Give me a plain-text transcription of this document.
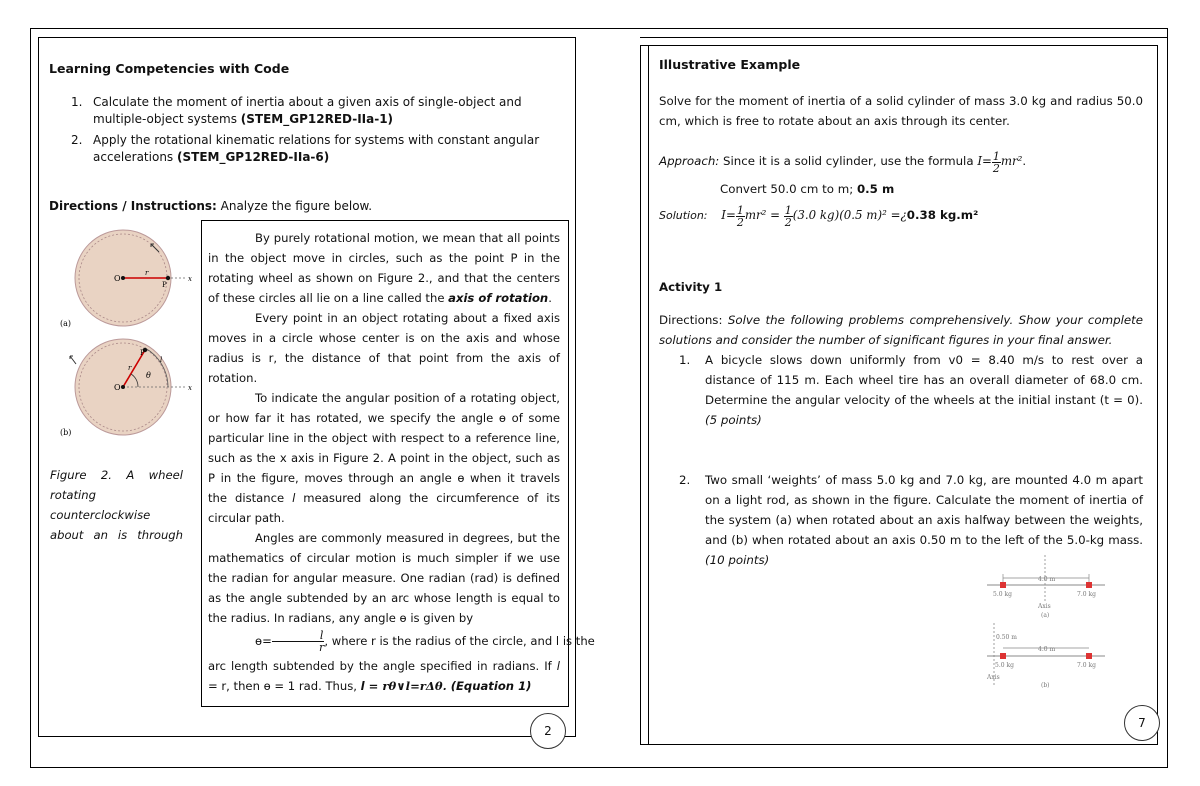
Learning Competencies with Code
1. Calculate the moment of inertia about a given axis of single-object and multiple-object systems (STEM_GP12RED-IIa-1)
2. Apply the rotational kinematic relations for systems with constant angular accelerations (STEM_GP12RED-IIa-6)
Directions / Instructions: Analyze the figure below.
O
r
P
x
(a)
O
P
r
θ
l
x
(b)
Figure 2. A wheel
rotating
counterclockwise
about an is through

By purely rotational motion, we mean that all points in the object move in circles, such as the point P in the rotating wheel as shown on Figure 2., and that the centers of these circles all lie on a line called the axis of rotation.

Every point in an object rotating about a fixed axis moves in a circle whose center is on the axis and whose radius is r, the distance of that point from the axis of rotation.

To indicate the angular position of a rotating object, or how far it has rotated, we specify the angle ɵ of some particular line in the object with respect to a reference line, such as the x axis in Figure 2. A point in the object, such as P in the figure, moves through an angle ɵ when it travels the distance l measured along the circumference of its circular path.

Angles are commonly measured in degrees, but the mathematics of circular motion is much simpler if we use the radian for angular measure. One radian (rad) is defined as the angle subtended by an arc whose length is equal to the radius. In radians, any angle ɵ is given by

ɵ= $\frac{l}{r}$ , where r is the radius of the circle, and l is the

arc length subtended by the angle specified in radians. If l = r, then ɵ = 1 rad. Thus, l = rθ∨l=rΔθ. (Equation 1)

2
Illustrative Example
Solve for the moment of inertia of a solid cylinder of mass 3.0 kg and radius 50.0 cm, which is free to rotate about an axis through its center.
Approach: Since it is a solid cylinder, use the formula $I= \frac{1}{2} mr^2$.
Convert 50.0 cm to m; 0.5 m
Solution: $I= \frac{1}{2} mr^2 = \frac{1}{2} (3.0$ kg)(0.5 m)² =¿0.38 kg.m²
Activity 1
Directions: Solve the following problems comprehensively. Show your complete solutions and consider the number of significant figures in your final answer.
1. A bicycle slows down uniformly from v0 = 8.40 m/s to rest over a distance of 115 m. Each wheel tire has an overall diameter of 68.0 cm. Determine the angular velocity of the wheels at the initial instant (t = 0). (5 points)
2. Two small ‘weights’ of mass 5.0 kg and 7.0 kg, are mounted 4.0 m apart on a light rod, as shown in the figure. Calculate the moment of inertia of the system (a) when rotated about an axis halfway between the weights, and (b) when rotated about an axis 0.50 m to the left of the 5.0-kg mass. (10 points)
4.0 m
5.0 kg	7.0 kg
Axis
(a)
0.50 m
4.0 m
5.0 kg	7.0 kg
Axis
(b)
7
